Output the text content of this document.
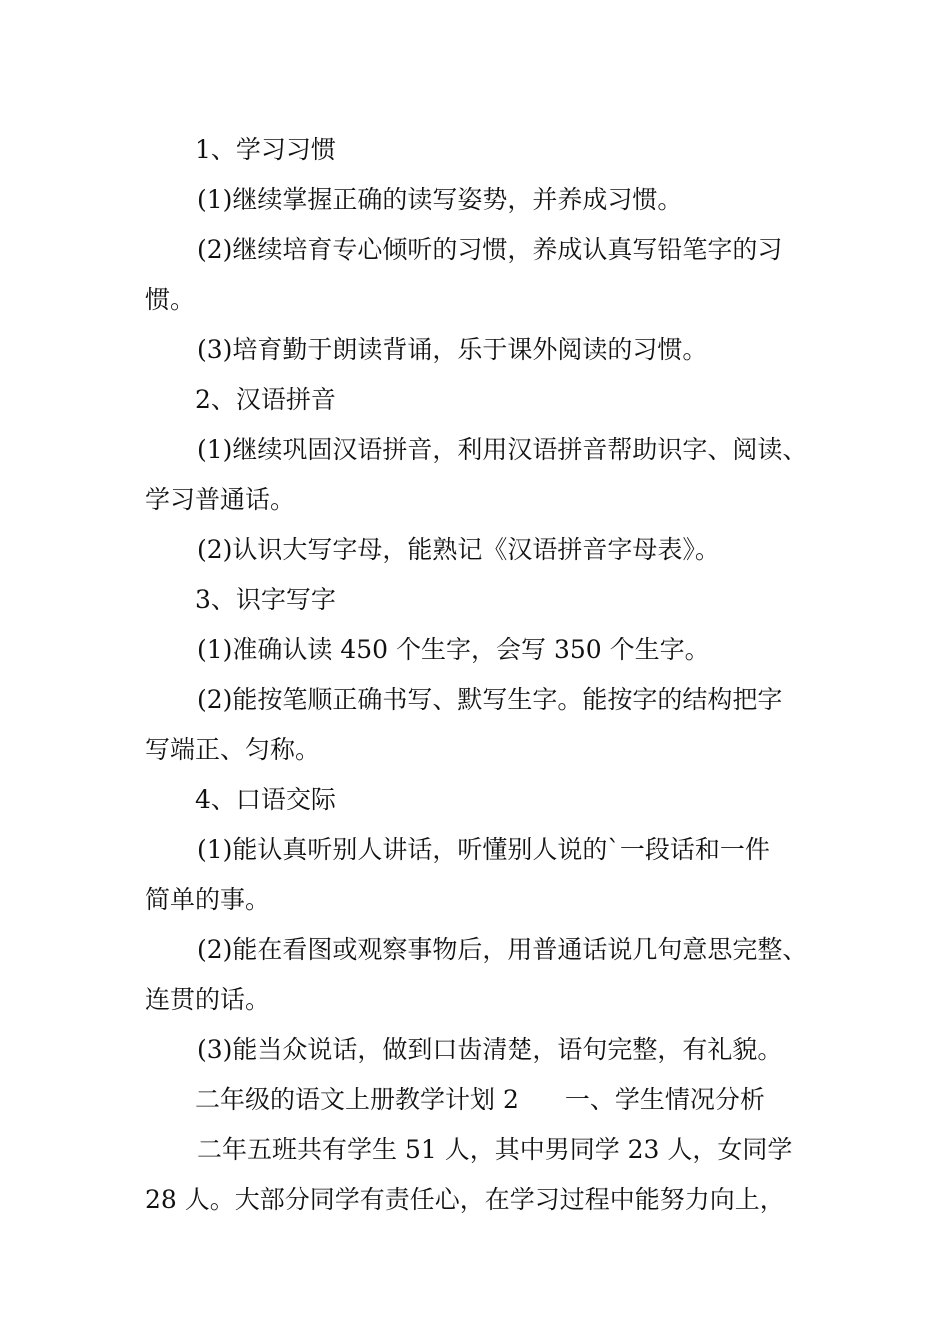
1、学习习惯
(1)继续掌握正确的读写姿势，并养成习惯。
(2)继续培育专心倾听的习惯，养成认真写铅笔字的习
惯。
(3)培育勤于朗读背诵，乐于课外阅读的习惯。
2、汉语拼音
(1)继续巩固汉语拼音，利用汉语拼音帮助识字、阅读、
学习普通话。
(2)认识大写字母，能熟记《汉语拼音字母表》。
3、识字写字
(1)准确认读 450 个生字，会写 350 个生字。
(2)能按笔顺正确书写、默写生字。能按字的结构把字
写端正、匀称。
4、口语交际
(1)能认真听别人讲话，听懂别人说的`一段话和一件
简单的事。
(2)能在看图或观察事物后，用普通话说几句意思完整、
连贯的话。
(3)能当众说话，做到口齿清楚，语句完整，有礼貌。
二年级的语文上册教学计划 2 一、学生情况分析
二年五班共有学生 51 人，其中男同学 23 人，女同学
28 人。大部分同学有责任心，在学习过程中能努力向上，
